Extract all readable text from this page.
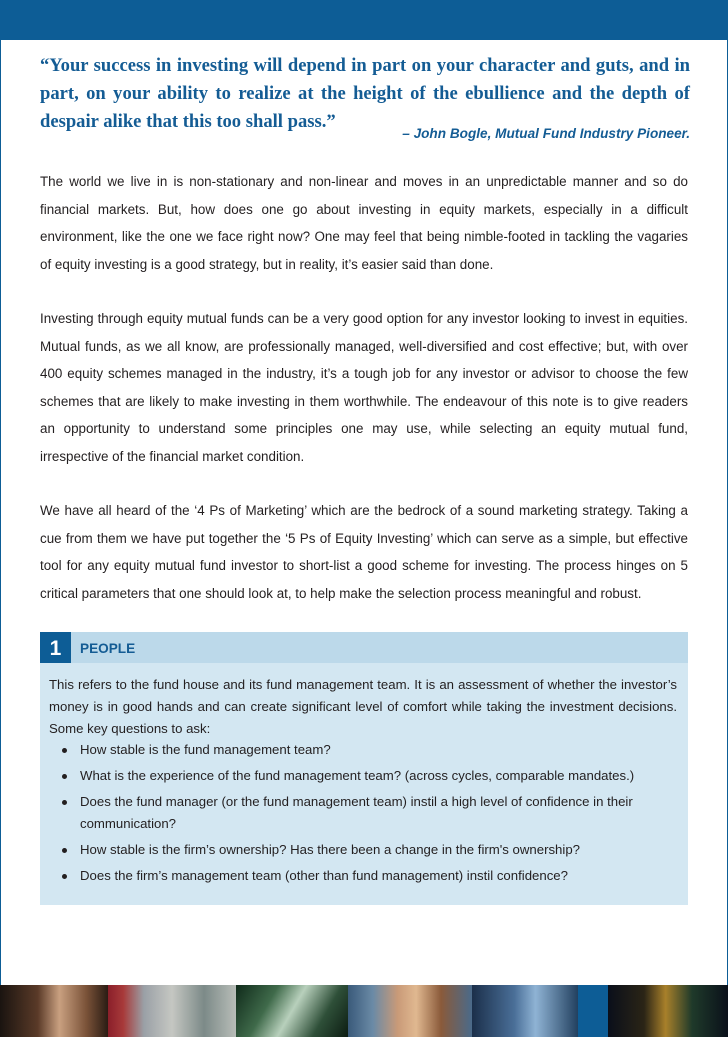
“Your success in investing will depend in part on your character and guts, and in part, on your ability to realize at the height of the ebullience and the depth of despair alike that this too shall pass.”

– John Bogle, Mutual Fund Industry Pioneer.

The world we live in is non-stationary and non-linear and moves in an unpredictable manner and so do financial markets. But, how does one go about investing in equity markets, especially in a difficult environment, like the one we face right now? One may feel that being nimble-footed in tackling the vagaries of equity investing is a good strategy, but in reality, it’s easier said than done.

Investing through equity mutual funds can be a very good option for any investor looking to invest in equities. Mutual funds, as we all know, are professionally managed, well-diversified and cost effective; but, with over 400 equity schemes managed in the industry, it’s a tough job for any investor or advisor to choose the few schemes that are likely to make investing in them worthwhile. The endeavour of this note is to give readers an opportunity to understand some principles one may use, while selecting an equity mutual fund, irrespective of the financial market condition.

We have all heard of the ‘4 Ps of Marketing’ which are the bedrock of a sound marketing strategy. Taking a cue from them we have put together the ‘5 Ps of Equity Investing’ which can serve as a simple, but effective tool for any equity mutual fund investor to short-list a good scheme for investing. The process hinges on 5 critical parameters that one should look at, to help make the selection process meaningful and robust.

1	PEOPLE

This refers to the fund house and its fund management team. It is an assessment of whether the investor’s money is in good hands and can create significant level of comfort while taking the investment decisions. Some key questions to ask:

How stable is the fund management team?
What is the experience of the fund management team? (across cycles, comparable mandates.)
Does the fund manager (or the fund management team) instil a high level of confidence in their communication?
How stable is the firm’s ownership? Has there been a change in the firm's ownership?
Does the firm’s management team (other than fund management) instil confidence?
